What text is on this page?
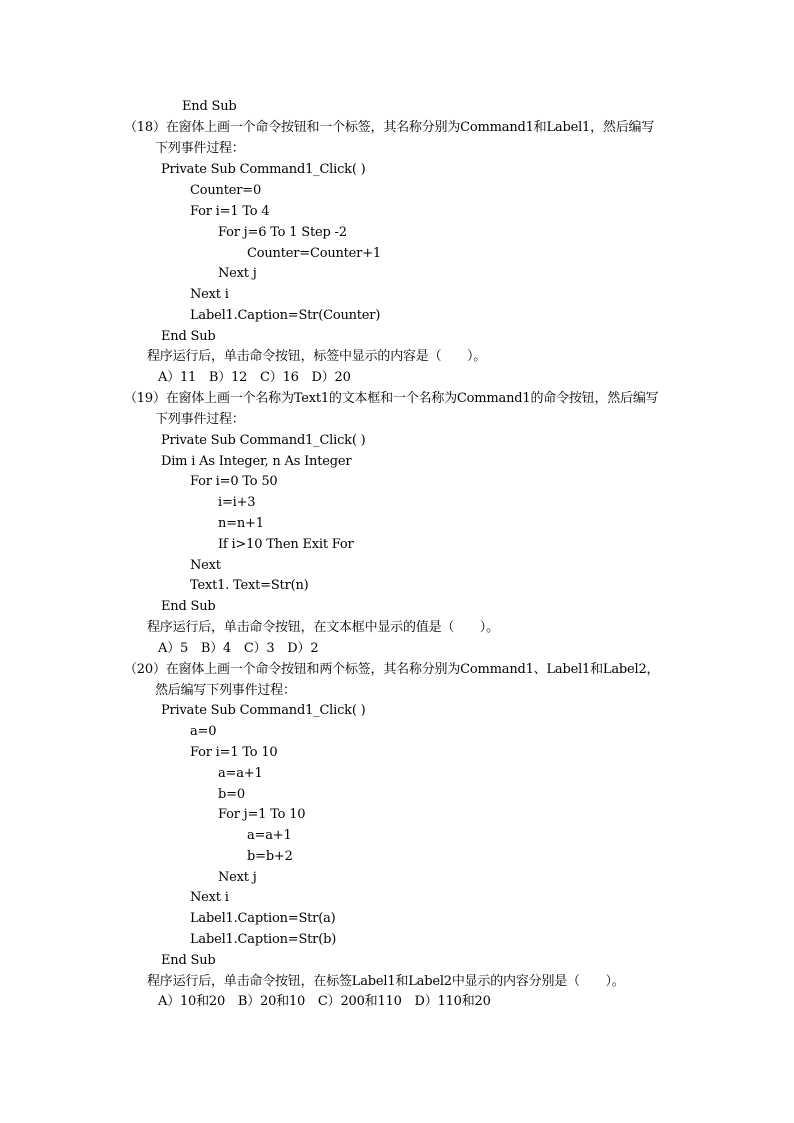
End Sub
（18）在窗体上画一个命令按钮和一个标签，其名称分别为Command1和Label1，然后编写
下列事件过程：
Private Sub Command1_Click( )
Counter=0
For i=1 To 4
For j=6 To 1 Step -2
Counter=Counter+1
Next j
Next i
Label1.Caption=Str(Counter)
End Sub
程序运行后，单击命令按钮，标签中显示的内容是（　　）。
A）11　B）12　C）16　D）20
（19）在窗体上画一个名称为Text1的文本框和一个名称为Command1的命令按钮，然后编写
下列事件过程：
Private Sub Command1_Click( )
Dim i As Integer, n As Integer
For i=0 To 50
i=i+3
n=n+1
If i>10 Then Exit For
Next
Text1. Text=Str(n)
End Sub
程序运行后，单击命令按钮，在文本框中显示的值是（　　）。
A）5　B）4　C）3　D）2
（20）在窗体上画一个命令按钮和两个标签，其名称分别为Command1、Label1和Label2，
然后编写下列事件过程：
Private Sub Command1_Click( )
a=0
For i=1 To 10
a=a+1
b=0
For j=1 To 10
a=a+1
b=b+2
Next j
Next i
Label1.Caption=Str(a)
Label1.Caption=Str(b)
End Sub
程序运行后，单击命令按钮，在标签Label1和Label2中显示的内容分别是（　　）。
A）10和20　B）20和10　C）200和110　D）110和20
